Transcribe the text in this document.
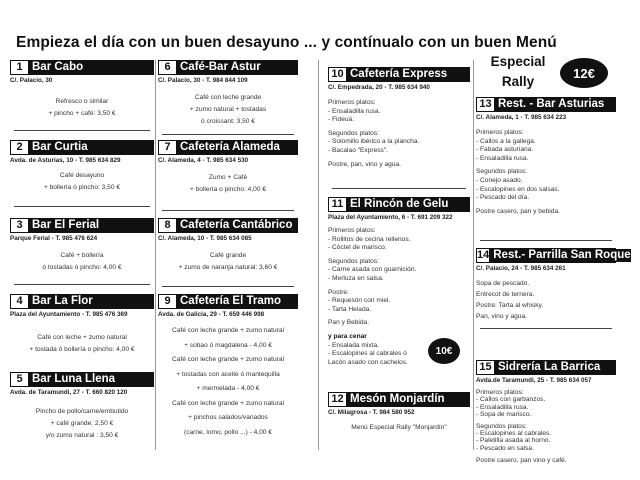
Empieza el día con un buen desayuno ... y contínualo con un buen Menú
1 Bar Cabo
C/. Palacio, 30

Refresco o similar

+ pincho + café: 3,50 €

2 Bar Curtia
Avda. de Asturias, 10 - T. 985 634 829

Café desayuno

+ bollería ó pincho: 3,50 €

3 Bar El Ferial
Parque Ferial - T. 985 476 624

Café + bollería

ó tostadas ó pincho: 4,00 €

4 Bar La Flor
Plaza del Ayuntamiento - T. 985 476 369

Café con leche + zumo natural

+ tostada ó bollería o pincho: 4,00 €

5 Bar Luna Llena
Avda. de Taramundi, 27 - T. 660 820 120

Pincho de pollo/carne/embutido

+ café grande: 2,50 €

y/o zumo natural : 3,50 €

6 Café-Bar Astur
C/. Palacio, 30 - T. 984 844 109

Café con leche grande

+ zumo natural + tostadas

ó croissant: 3,50 €

7 Cafetería Alameda
C/. Alameda, 4 - T. 985 634 530

Zumo + Café

+ bollería o pincho: 4,00 €

8 Cafetería Cantábrico
C/. Alameda, 10 - T. 985 634 085

Café grande

+ zumo de naranja natural: 3,60 €

9 Cafetería El Tramo
Avda. de Galicia, 29 - T. 659 446 998

Café con leche grande + zumo natural

+ sobao ó magdalena - 4,00 €

Café con leche grande + zumo natural

+ tostadas con aceite ó mantequilla

+ mermelada - 4,00 €

Café con leche grande + zumo natural

+ pinchos salados/variados

(carne, lomo, pollo ...) - 4,00 €

10 Cafetería Express
C/. Empedrada, 20 - T. 985 634 940

Primeros platos:

- Ensaladilla rusa.

- Fideuá.

Segundos platos:

- Solomillo ibérico a la plancha.

- Bacalao "Express".

Postre, pan, vino y agua.

11 El Rincón de Gelu
Plaza del Ayuntamiento, 6 - T. 691 209 322

Primeros platos:

- Rollitos de cecina rellenos.

- Cóctel de marisco.

Segundos platos:

- Carne asada con guarnición.

- Merluza en salsa.

Postre:

- Requesón con miel.

- Tarta Helada.

Pan y Bebida.

y para cenar

- Ensalada mixta.

- Escalopines al cabrales ó

Lacón asado con cachelos.

12 Mesón Monjardín
C/. Milagrosa - T. 984 580 952
Menú Especial Rally "Monjardín"
10€

Especial

Rally

12€
13 Rest. - Bar Asturias
C/. Alameda, 1 - T. 985 634 223

Primeros platos:

- Callos a la gallega.

- Fabada asturiana.

- Ensaladilla rusa.

Segundos platos:

- Conejo asado.

- Escalopines en dos salsas.

- Pescado del día.

Postre casero, pan y bebida.

14 Rest.- Parrilla San Roque
C/. Palacio, 24 - T. 985 634 261

Sopa de pescado.

Entrecot de ternera.

Postre: Tarta al whisky.

Pan, vino y agua.

15 Sidrería La Barrica
Avda.de Taramundi, 25 - T. 985 634 057

Primeros platos:

- Callos con garbanzos.

- Ensaladilla rusa.

- Sopa de marisco.

Segundos platos:

- Escalopines al cabrales.

- Paletilla asada al horno.

- Pescado en salsa.

Postre casero, pan vino y café.
